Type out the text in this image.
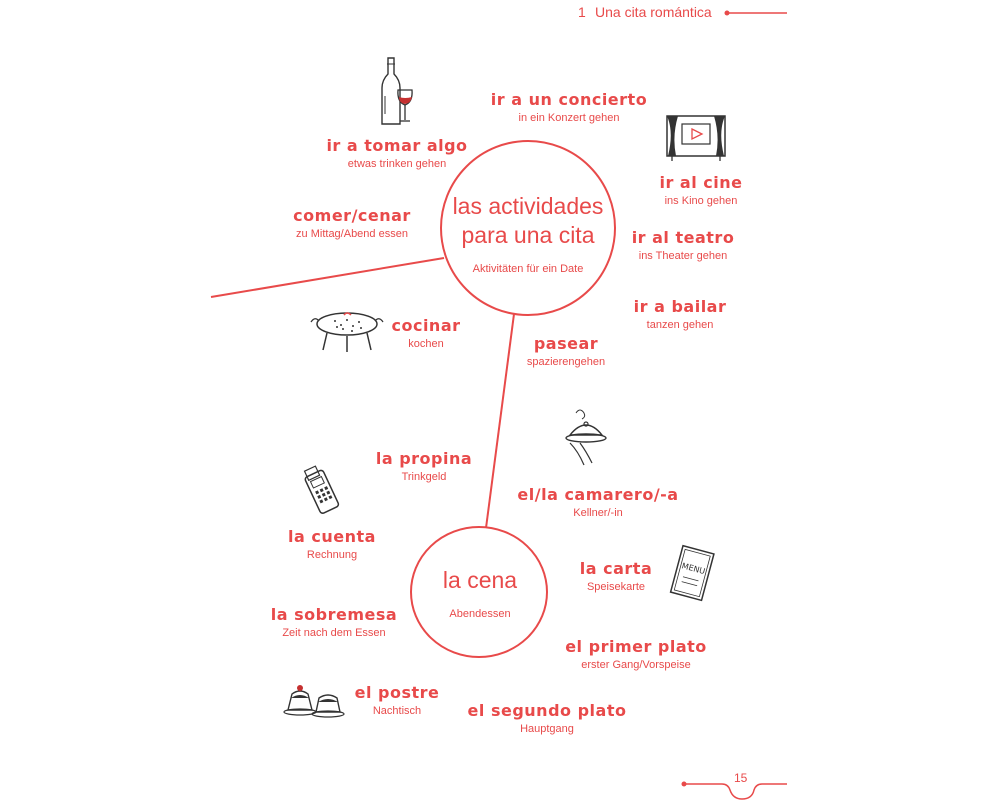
1 Una cita romántica
las actividades
para una cita
Aktivitäten für ein Date
la cena
Abendessen
ir a un concierto
in ein Konzert gehen
ir a tomar algo
etwas trinken gehen
ir al cine
ins Kino gehen
comer/cenar
zu Mittag/Abend essen	ir al teatro
ins Theater gehen
ir a bailar
tanzen gehen
cocinar
kochen	pasear
spazierengehen
la propina
Trinkgeld
el/la camarero/-a
Kellner/-in
la cuenta
Rechnung
la carta
Speisekarte
la sobremesa
Zeit nach dem Essen
el primer plato
erster Gang/Vorspeise
el postre
Nachtisch	el segundo plato
Hauptgang
15
MENU
